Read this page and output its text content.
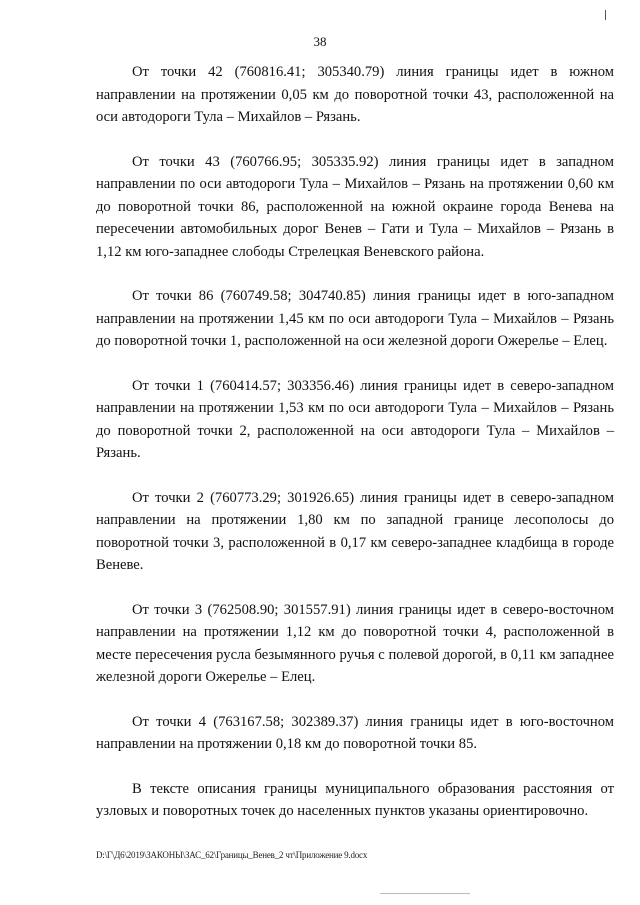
38

От точки 42 (760816.41; 305340.79) линия границы идет в южном направлении на протяжении 0,05 км до поворотной точки 43, расположенной на оси автодороги Тула – Михайлов – Рязань.

От точки 43 (760766.95; 305335.92) линия границы идет в западном направлении по оси автодороги Тула – Михайлов – Рязань на протяжении 0,60 км до поворотной точки 86, расположенной на южной окраине города Венева на пересечении автомобильных дорог Венев – Гати и Тула – Михайлов – Рязань в 1,12 км юго-западнее слободы Стрелецкая Веневского района.

От точки 86 (760749.58; 304740.85) линия границы идет в юго-западном направлении на протяжении 1,45 км по оси автодороги Тула – Михайлов – Рязань до поворотной точки 1, расположенной на оси железной дороги Ожерелье – Елец.

От точки 1 (760414.57; 303356.46) линия границы идет в северо-западном направлении на протяжении 1,53 км по оси автодороги Тула – Михайлов – Рязань до поворотной точки 2, расположенной на оси автодороги Тула – Михайлов – Рязань.

От точки 2 (760773.29; 301926.65) линия границы идет в северо-западном направлении на протяжении 1,80 км по западной границе лесополосы до поворотной точки 3, расположенной в 0,17 км северо-западнее кладбища в городе Веневе.

От точки 3 (762508.90; 301557.91) линия границы идет в северо-восточном направлении на протяжении 1,12 км до поворотной точки 4, расположенной в месте пересечения русла безымянного ручья с полевой дорогой, в 0,11 км западнее железной дороги Ожерелье – Елец.

От точки 4 (763167.58; 302389.37) линия границы идет в юго-восточном направлении на протяжении 0,18 км до поворотной точки 85.

В тексте описания границы муниципального образования расстояния от узловых и поворотных точек до населенных пунктов указаны ориентировочно.

D:\Г\Д6\2019\ЗАКОНЫ\ЗАС_62\Границы_Венев_2 чт\Приложение 9.docx
